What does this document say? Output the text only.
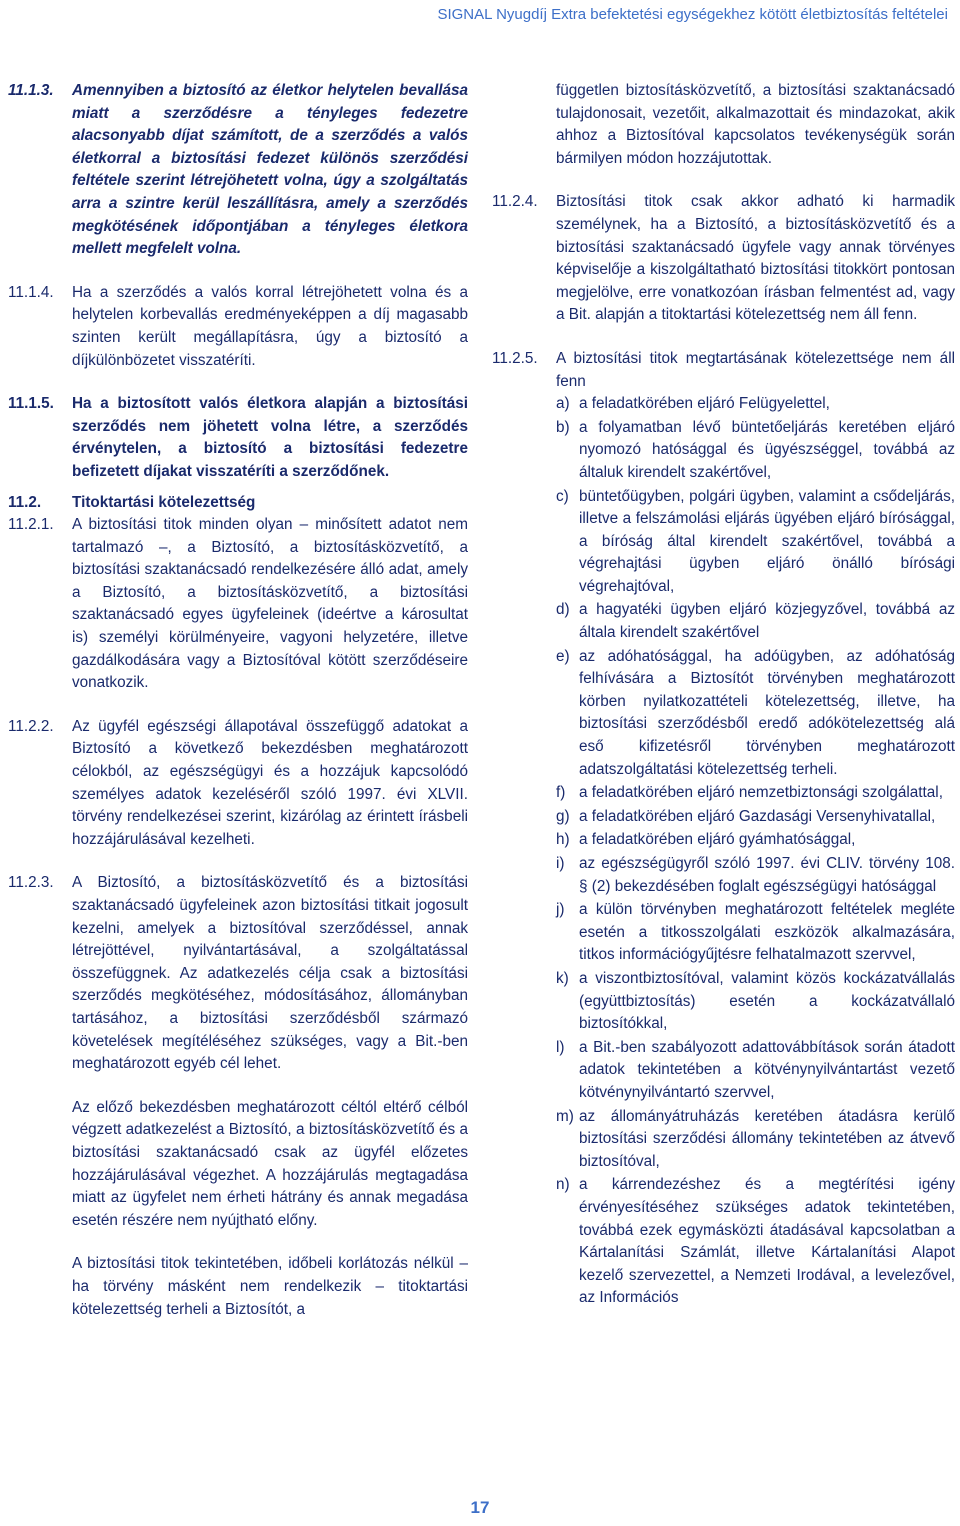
SIGNAL Nyugdíj Extra befektetési egységekhez kötött életbiztosítás feltételei
11.1.3. Amennyiben a biztosító az életkor helytelen bevallása miatt a szerződésre a tényleges fedezetre alacsonyabb díjat számított, de a szerződés a valós életkorral a biztosítási fedezet különös szerződési feltétele szerint létrejöhetett volna, úgy a szolgáltatás arra a szintre kerül leszállításra, amely a szerződés megkötésének időpontjában a tényleges életkora mellett megfelelt volna.

11.1.4. Ha a szerződés a valós korral létrejöhetett volna és a helytelen korbevallás eredményeképpen a díj magasabb szinten került megállapításra, úgy a biztosító a díjkülönbözetet visszatéríti.

11.1.5. Ha a biztosított valós életkora alapján a biztosítási szerződés nem jöhetett volna létre, a szerződés érvénytelen, a biztosító a biztosítási fedezetre befizetett díjakat visszatéríti a szerződőnek.

11.2. Titoktartási kötelezettség
11.2.1. A biztosítási titok minden olyan – minősített adatot nem tartalmazó –, a Biztosító, a biztosításközvetítő, a biztosítási szaktanácsadó rendelkezésére álló adat, amely a Biztosító, a biztosításközvetítő, a biztosítási szaktanácsadó egyes ügyfeleinek (ideértve a károsultat is) személyi körülményeire, vagyoni helyzetére, illetve gazdálkodására vagy a Biztosítóval kötött szerződéseire vonatkozik.

11.2.2. Az ügyfél egészségi állapotával összefüggő adatokat a Biztosító a következő bekezdésben meghatározott célokból, az egészségügyi és a hozzájuk kapcsolódó személyes adatok kezeléséről szóló 1997. évi XLVII. törvény rendelkezései szerint, kizárólag az érintett írásbeli hozzájárulásával kezelheti.

11.2.3. A Biztosító, a biztosításközvetítő és a biztosítási szaktanácsadó ügyfeleinek azon biztosítási titkait jogosult kezelni, amelyek a biztosítóval szerződéssel, annak létrejöttével, nyilvántartásával, a szolgáltatással összefüggnek. Az adatkezelés célja csak a biztosítási szerződés megkötéséhez, módosításához, állományban tartásához, a biztosítási szerződésből származó követelések megítéléséhez szükséges, vagy a Bit.-ben meghatározott egyéb cél lehet.

Az előző bekezdésben meghatározott céltól eltérő célból végzett adatkezelést a Biztosító, a biztosításközvetítő és a biztosítási szaktanácsadó csak az ügyfél előzetes hozzájárulásával végezhet. A hozzájárulás megtagadása miatt az ügyfelet nem érheti hátrány és annak megadása esetén részére nem nyújtható előny.

A biztosítási titok tekintetében, időbeli korlátozás nélkül – ha törvény másként nem rendelkezik – titoktartási kötelezettség terheli a Biztosítót, a

független biztosításközvetítő, a biztosítási szaktanácsadó tulajdonosait, vezetőit, alkalmazottait és mindazokat, akik ahhoz a Biztosítóval kapcsolatos tevékenységük során bármilyen módon hozzájutottak.

11.2.4. Biztosítási titok csak akkor adható ki harmadik személynek, ha a Biztosító, a biztosításközvetítő és a biztosítási szaktanácsadó ügyfele vagy annak törvényes képviselője a kiszolgáltatható biztosítási titokkört pontosan megjelölve, erre vonatkozóan írásban felmentést ad, vagy a Bit. alapján a titoktartási kötelezettség nem áll fenn.

11.2.5. A biztosítási titok megtartásának kötelezettsége nem áll fenn

a) a feladatkörében eljáró Felügyelettel,
b) a folyamatban lévő büntetőeljárás keretében eljáró nyomozó hatósággal és ügyészséggel, továbbá az általuk kirendelt szakértővel,
c) büntetőügyben, polgári ügyben, valamint a csődeljárás, illetve a felszámolási eljárás ügyében eljáró bírósággal, a bíróság által kirendelt szakértővel, továbbá a végrehajtási ügyben eljáró önálló bírósági végrehajtóval,
d) a hagyatéki ügyben eljáró közjegyzővel, továbbá az általa kirendelt szakértővel
e) az adóhatósággal, ha adóügyben, az adóhatóság felhívására a Biztosítót törvényben meghatározott körben nyilatkozattételi kötelezettség, illetve, ha biztosítási szerződésből eredő adókötelezettség alá eső kifizetésről törvényben meghatározott adatszolgáltatási kötelezettség terheli.
f) a feladatkörében eljáró nemzetbiztonsági szolgálattal,
g) a feladatkörében eljáró Gazdasági Versenyhivatallal,
h) a feladatkörében eljáró gyámhatósággal,
i) az egészségügyről szóló 1997. évi CLIV. törvény 108. § (2) bekezdésében foglalt egészségügyi hatósággal
j) a külön törvényben meghatározott feltételek megléte esetén a titkosszolgálati eszközök alkalmazására, titkos információgyűjtésre felhatalmazott szervvel,
k) a viszontbiztosítóval, valamint közös kockázatvállalás (együttbiztosítás) esetén a kockázatvállaló biztosítókkal,
l) a Bit.-ben szabályozott adattovábbítások során átadott adatok tekintetében a kötvénynyilvántartást vezető kötvénynyilvántartó szervvel,
m) az állományátruházás keretében átadásra kerülő biztosítási szerződési állomány tekintetében az átvevő biztosítóval,
n) a kárrendezéshez és a megtérítési igény érvényesítéséhez szükséges adatok tekintetében, továbbá ezek egymásközti átadásával kapcsolatban a Kártalanítási Számlát, illetve Kártalanítási Alapot kezelő szervezettel, a Nemzeti Irodával, a levelezővel, az Információs
17
